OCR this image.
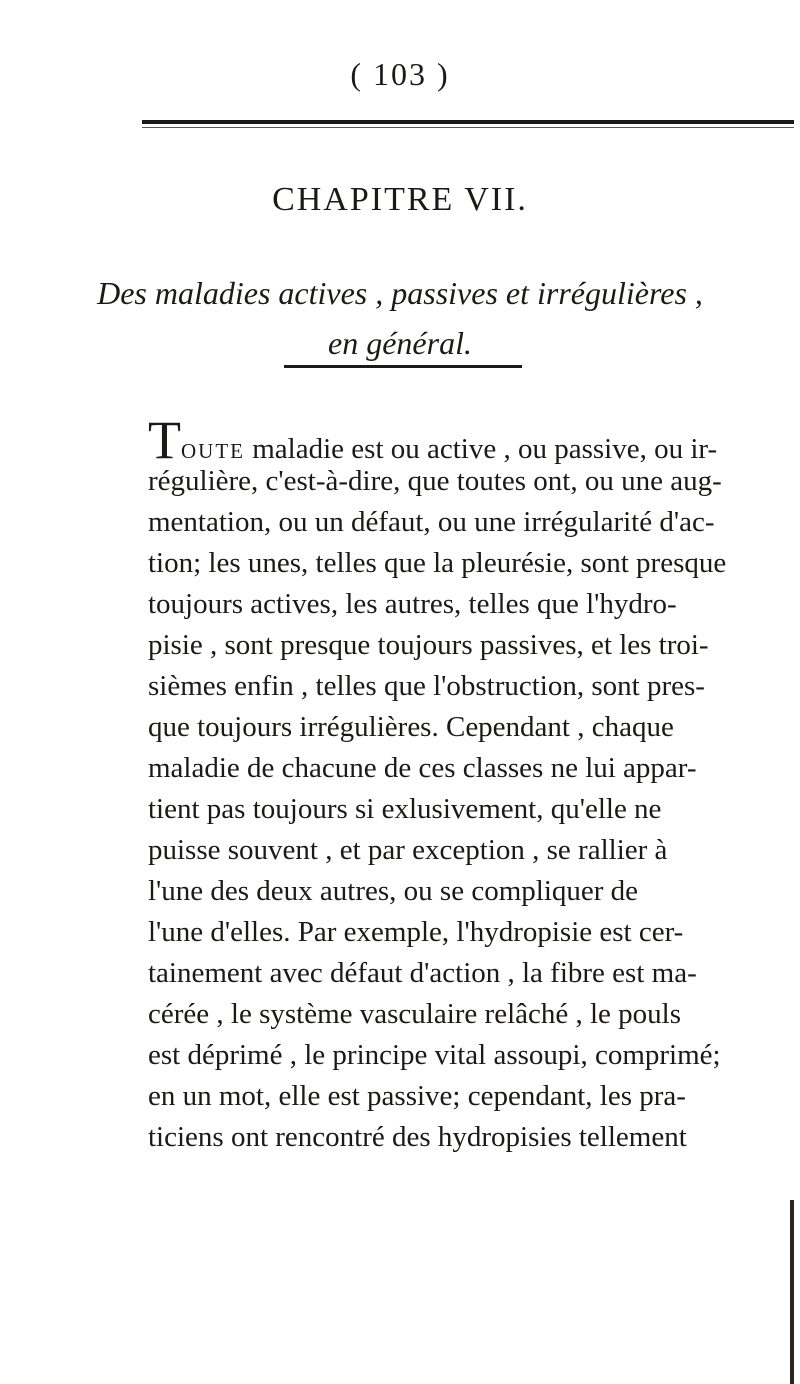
( 103 )
CHAPITRE VII.
Des maladies actives , passives et irrégulières ,
en général.
TOUTE maladie est ou active , ou passive, ou ir-
régulière, c'est-à-dire, que toutes ont, ou une aug-
mentation, ou un défaut, ou une irrégularité d'ac-
tion; les unes, telles que la pleurésie, sont presque
toujours actives, les autres, telles que l'hydro-
pisie , sont presque toujours passives, et les troi-
sièmes enfin , telles que l'obstruction, sont pres-
que toujours irrégulières. Cependant , chaque
maladie de chacune de ces classes ne lui appar-
tient pas toujours si exlusivement, qu'elle ne
puisse souvent , et par exception , se rallier à
l'une des deux autres, ou se compliquer de
l'une d'elles. Par exemple, l'hydropisie est cer-
tainement avec défaut d'action , la fibre est ma-
cérée , le système vasculaire relâché , le pouls
est déprimé , le principe vital assoupi, comprimé;
en un mot, elle est passive; cependant, les pra-
ticiens ont rencontré des hydropisies tellement
